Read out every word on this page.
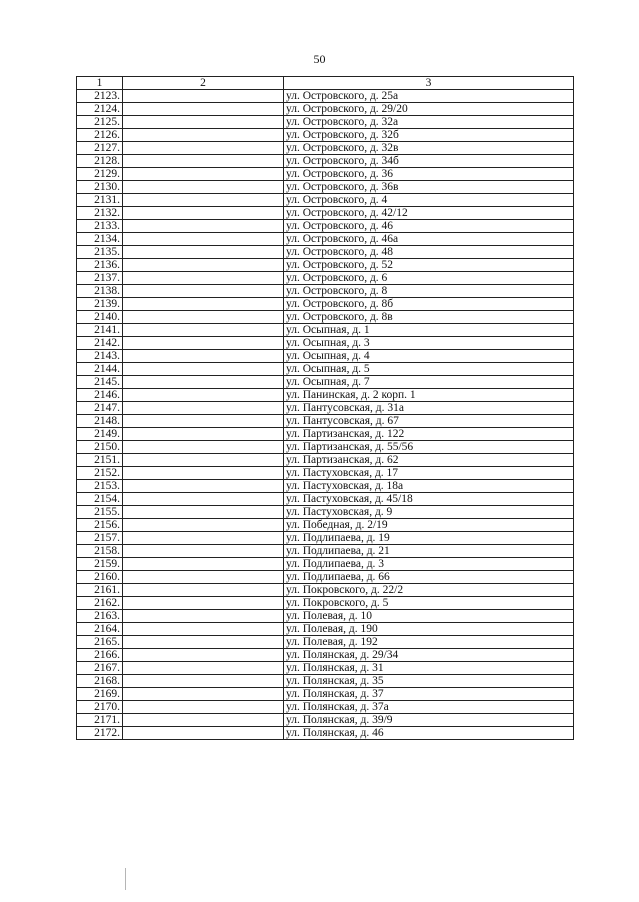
50
1	2	3
2123.		ул. Островского, д. 25а
2124.		ул. Островского, д. 29/20
2125.		ул. Островского, д. 32а
2126.		ул. Островского, д. 32б
2127.		ул. Островского, д. 32в
2128.		ул. Островского, д. 34б
2129.		ул. Островского, д. 36
2130.		ул. Островского, д. 36в
2131.		ул. Островского, д. 4
2132.		ул. Островского, д. 42/12
2133.		ул. Островского, д. 46
2134.		ул. Островского, д. 46а
2135.		ул. Островского, д. 48
2136.		ул. Островского, д. 52
2137.		ул. Островского, д. 6
2138.		ул. Островского, д. 8
2139.		ул. Островского, д. 8б
2140.		ул. Островского, д. 8в
2141.		ул. Осыпная, д. 1
2142.		ул. Осыпная, д. 3
2143.		ул. Осыпная, д. 4
2144.		ул. Осыпная, д. 5
2145.		ул. Осыпная, д. 7
2146.		ул. Панинская, д. 2 корп. 1
2147.		ул. Пантусовская, д. 31а
2148.		ул. Пантусовская, д. 67
2149.		ул. Партизанская, д. 122
2150.		ул. Партизанская, д. 55/56
2151.		ул. Партизанская, д. 62
2152.		ул. Пастуховская, д. 17
2153.		ул. Пастуховская, д. 18а
2154.		ул. Пастуховская, д. 45/18
2155.		ул. Пастуховская, д. 9
2156.		ул. Победная, д. 2/19
2157.		ул. Подлипаева, д. 19
2158.		ул. Подлипаева, д. 21
2159.		ул. Подлипаева, д. 3
2160.		ул. Подлипаева, д. 66
2161.		ул. Покровского, д. 22/2
2162.		ул. Покровского, д. 5
2163.		ул. Полевая, д. 10
2164.		ул. Полевая, д. 190
2165.		ул. Полевая, д. 192
2166.		ул. Полянская, д. 29/34
2167.		ул. Полянская, д. 31
2168.		ул. Полянская, д. 35
2169.		ул. Полянская, д. 37
2170.		ул. Полянская, д. 37а
2171.		ул. Полянская, д. 39/9
2172.		ул. Полянская, д. 46
